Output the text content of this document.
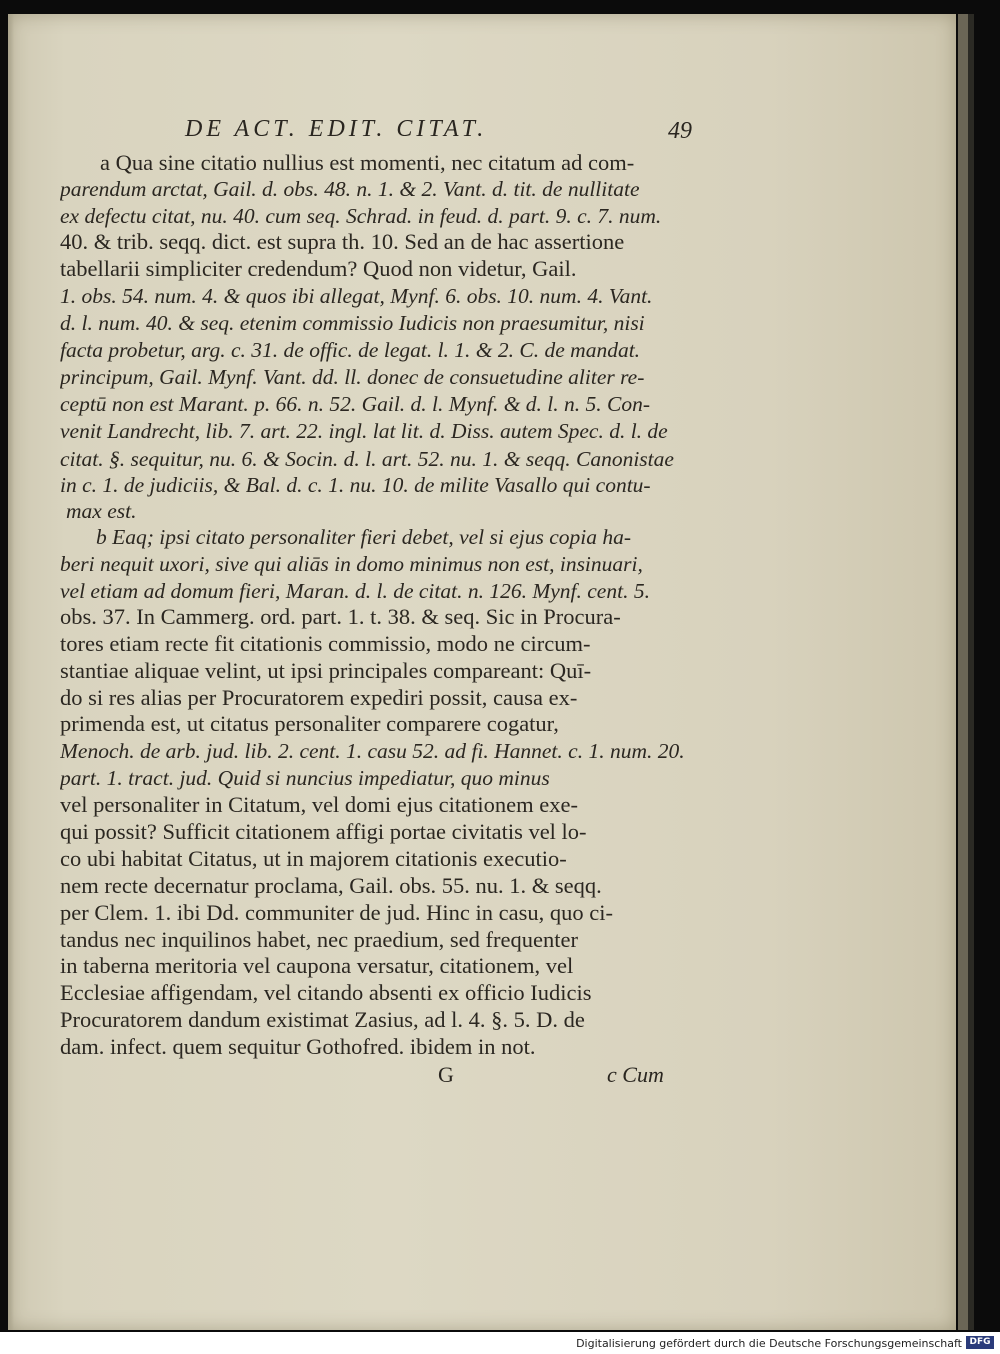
DE ACT. EDIT. CITAT.	49
a Qua sine citatio nullius est momenti, nec citatum ad com-
parendum arctat, Gail. d. obs. 48. n. 1. & 2. Vant. d. tit. de nullitate
ex defectu citat, nu. 40. cum seq. Schrad. in feud. d. part. 9. c. 7. num.
40. & trib. seqq. dict. est supra th. 10. Sed an de hac assertione
tabellarii simpliciter credendum? Quod non videtur, Gail.
1. obs. 54. num. 4. & quos ibi allegat, Mynf. 6. obs. 10. num. 4. Vant.
d. l. num. 40. & seq. etenim commissio Iudicis non praesumitur, nisi
facta probetur, arg. c. 31. de offic. de legat. l. 1. & 2. C. de mandat.
principum, Gail. Mynf. Vant. dd. ll. donec de consuetudine aliter re-
ceptū non est Marant. p. 66. n. 52. Gail. d. l. Mynf. & d. l. n. 5. Con-
venit Landrecht, lib. 7. art. 22. ingl. lat lit. d. Diss. autem Spec. d. l. de
citat. §. sequitur, nu. 6. & Socin. d. l. art. 52. nu. 1. & seqq. Canonistae
in c. 1. de judiciis, & Bal. d. c. 1. nu. 10. de milite Vasallo qui contu-
max est.
b Eaq; ipsi citato personaliter fieri debet, vel si ejus copia ha-
beri nequit uxori, sive qui aliās in domo minimus non est, insinuari,
vel etiam ad domum fieri, Maran. d. l. de citat. n. 126. Mynf. cent. 5.
obs. 37. In Cammerg. ord. part. 1. t. 38. & seq. Sic in Procura-
tores etiam recte fit citationis commissio, modo ne circum-
stantiae aliquae velint, ut ipsi principales compareant: Quī-
do si res alias per Procuratorem expediri possit, causa ex-
primenda est, ut citatus personaliter comparere cogatur,
Menoch. de arb. jud. lib. 2. cent. 1. casu 52. ad fi. Hannet. c. 1. num. 20.
part. 1. tract. jud. Quid si nuncius impediatur, quo minus
vel personaliter in Citatum, vel domi ejus citationem exe-
qui possit? Sufficit citationem affigi portae civitatis vel lo-
co ubi habitat Citatus, ut in majorem citationis executio-
nem recte decernatur proclama, Gail. obs. 55. nu. 1. & seqq.
per Clem. 1. ibi Dd. communiter de jud. Hinc in casu, quo ci-
tandus nec inquilinos habet, nec praedium, sed frequenter
in taberna meritoria vel caupona versatur, citationem, vel
Ecclesiae affigendam, vel citando absenti ex officio Iudicis
Procuratorem dandum existimat Zasius, ad l. 4. §. 5. D. de
dam. infect. quem sequitur Gothofred. ibidem in not.
G	c Cum
Digitalisierung gefördert durch die Deutsche Forschungsgemeinschaft DFG
